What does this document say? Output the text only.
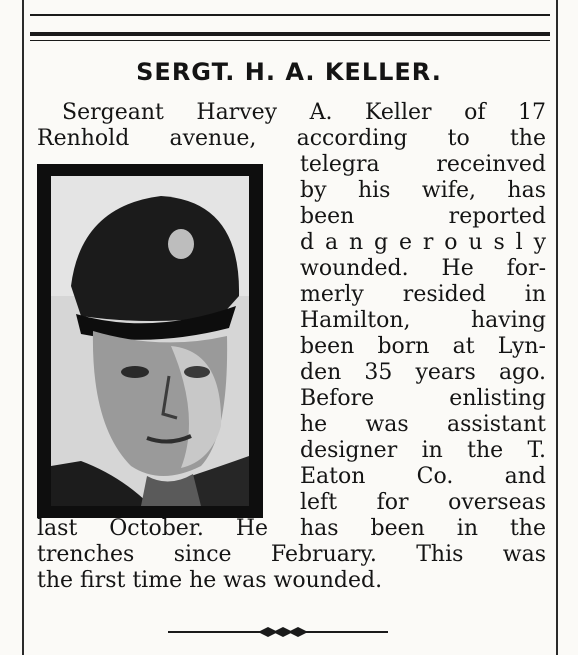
SERGT. H. A. KELLER.
Sergeant Harvey A. Keller of 17
Renhold avenue, according to the
telegra receinved
by his wife, has
been reported
d a n g e r o u s l y
wounded. He for-
merly resided in
Hamilton, having
been born at Lyn-
den 35 years ago.
Before enlisting
he was assistant
designer in the T.
Eaton Co. and
left for overseas
last October. He has been in the
trenches since February. This was
the first time he was wounded.
